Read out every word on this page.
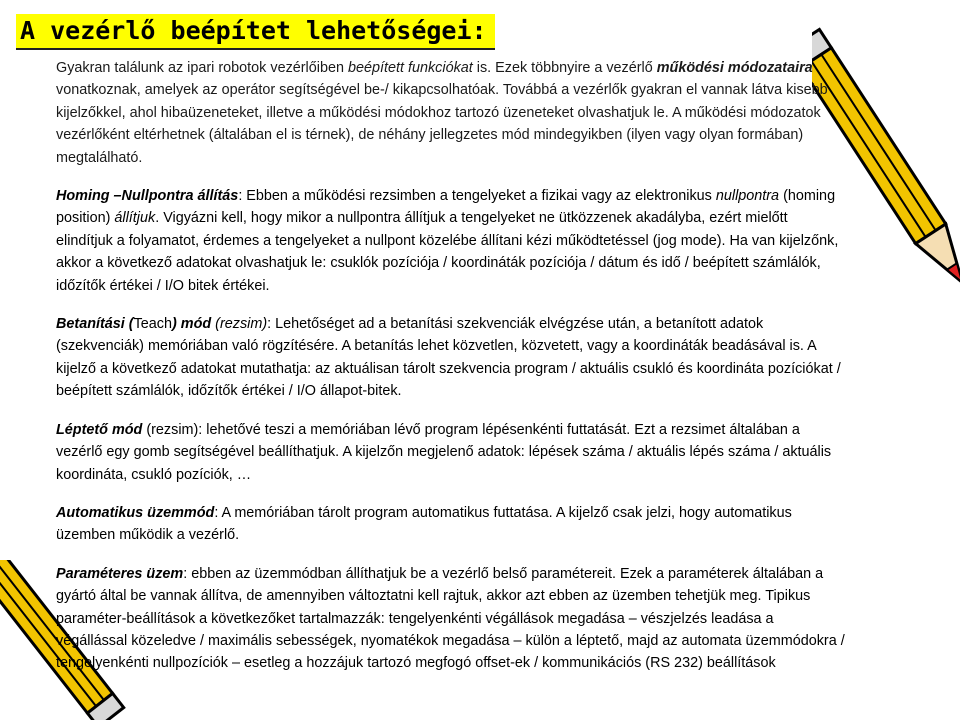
A vezérlő beépítet lehetőségei:

Gyakran találunk az ipari robotok vezérlőiben beépített funkciókat is. Ezek többnyire a vezérlő működési módozataira vonatkoznak, amelyek az operátor segítségével be-/ kikapcsolhatóak. Továbbá a vezérlők gyakran el vannak látva kisebb kijelzőkkel, ahol hibaüzeneteket, illetve a működési módokhoz tartozó üzeneteket olvashatjuk le. A működési módozatok vezérlőként eltérhetnek (általában el is térnek), de néhány jellegzetes mód mindegyikben (ilyen vagy olyan formában) megtalálható.

Homing –Nullpontra állítás: Ebben a működési rezsimben a tengelyeket a fizikai vagy az elektronikus nullpontra (homing position) állítjuk. Vigyázni kell, hogy mikor a nullpontra állítjuk a tengelyeket ne ütközzenek akadályba, ezért mielőtt elindítjuk a folyamatot, érdemes a tengelyeket a nullpont közelébe állítani kézi működtetéssel (jog mode). Ha van kijelzőnk, akkor a következő adatokat olvashatjuk le: csuklók pozíciója / koordináták pozíciója / dátum és idő / beépített számlálók, időzítők értékei / I/O bitek értékei.

Betanítási (Teach) mód (rezsim): Lehetőséget ad a betanítási szekvenciák elvégzése után, a betanított adatok (szekvenciák) memóriában való rögzítésére. A betanítás lehet közvetlen, közvetett, vagy a koordináták beadásával is. A kijelző a következő adatokat mutathatja: az aktuálisan tárolt szekvencia program / aktuális csukló és koordináta pozíciókat / beépített számlálók, időzítők értékei / I/O állapot-bitek.

Léptető mód (rezsim): lehetővé teszi a memóriában lévő program lépésenkénti futtatását. Ezt a rezsimet általában a vezérlő egy gomb segítségével beállíthatjuk. A kijelzőn megjelenő adatok: lépések száma / aktuális lépés száma / aktuális koordináta, csukló pozíciók, …

Automatikus üzemmód: A memóriában tárolt program automatikus futtatása. A kijelző csak jelzi, hogy automatikus üzemben működik a vezérlő.

Paraméteres üzem: ebben az üzemmódban állíthatjuk be a vezérlő belső paramétereit. Ezek a paraméterek általában a gyártó által be vannak állítva, de amennyiben változtatni kell rajtuk, akkor azt ebben az üzemben tehetjük meg. Tipikus paraméter-beállítások a következőket tartalmazzák: tengelyenkénti végállások megadása – vészjelzés leadása a végállással közeledve / maximális sebességek, nyomatékok megadása – külön a léptető, majd az automata üzemmódokra / tengelyenkénti nullpozíciók – esetleg a hozzájuk tartozó megfogó offset-ek / kommunikációs (RS 232) beállítások
